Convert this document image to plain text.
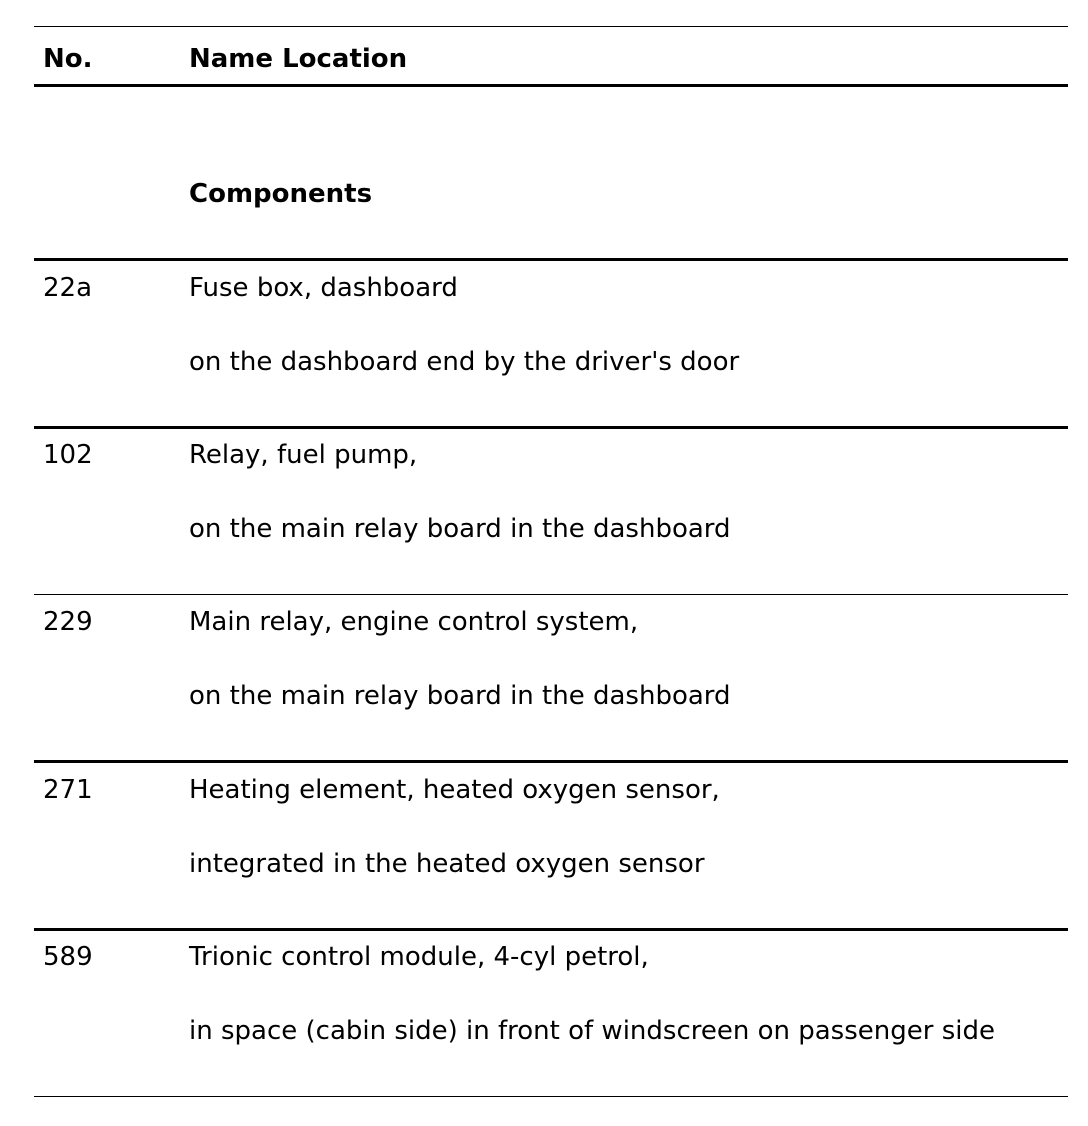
No.	Name Location
Components
22a	Fuse box, dashboard
on the dashboard end by the driver's door
102	Relay, fuel pump,
on the main relay board in the dashboard
229	Main relay, engine control system,
on the main relay board in the dashboard
271	Heating element, heated oxygen sensor,
integrated in the heated oxygen sensor
589	Trionic control module, 4-cyl petrol,
in space (cabin side) in front of windscreen on passenger side
